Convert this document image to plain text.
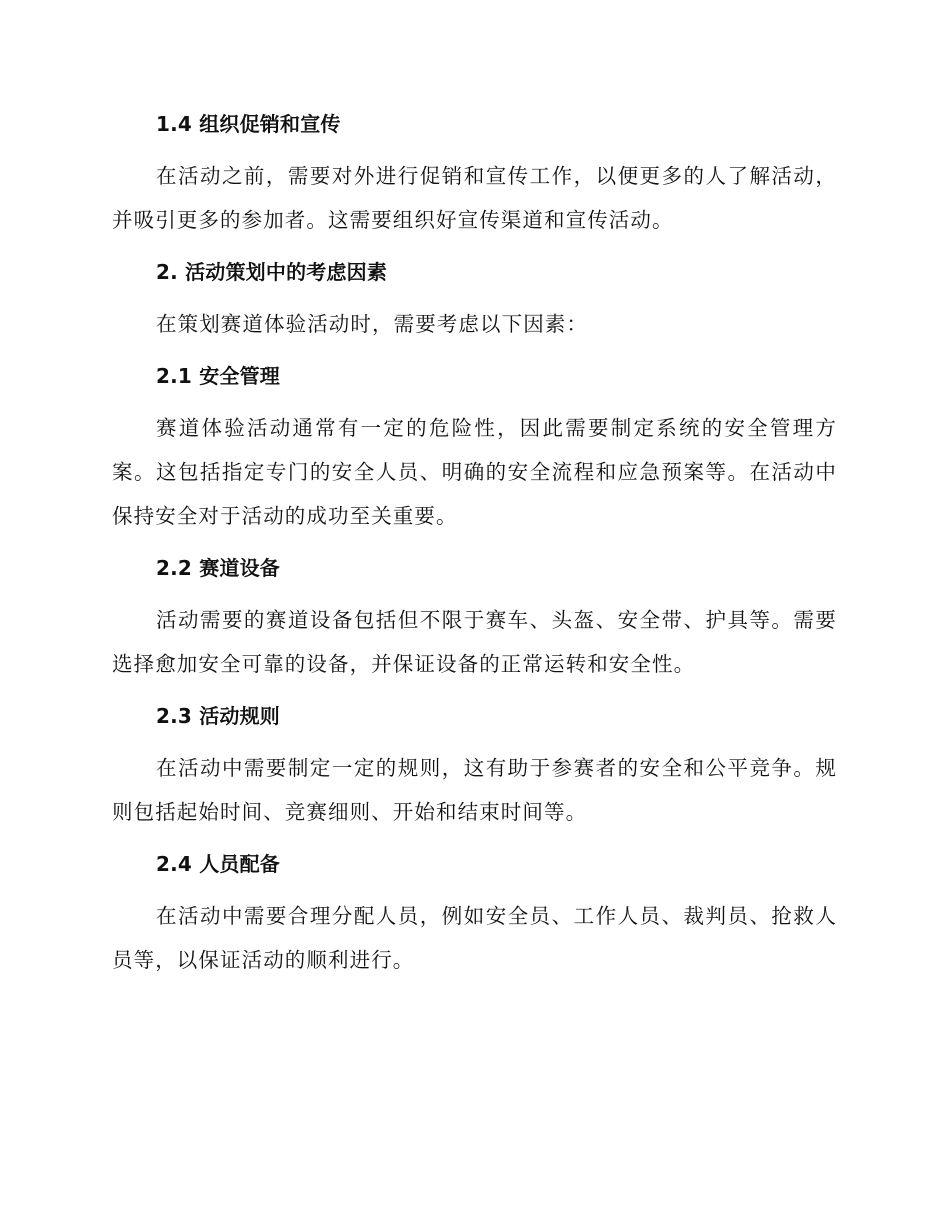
1.4 组织促销和宣传

在活动之前，需要对外进行促销和宣传工作，以便更多的人了解活动，并吸引更多的参加者。这需要组织好宣传渠道和宣传活动。

2. 活动策划中的考虑因素

在策划赛道体验活动时，需要考虑以下因素：

2.1 安全管理

赛道体验活动通常有一定的危险性，因此需要制定系统的安全管理方案。这包括指定专门的安全人员、明确的安全流程和应急预案等。在活动中保持安全对于活动的成功至关重要。

2.2 赛道设备

活动需要的赛道设备包括但不限于赛车、头盔、安全带、护具等。需要选择愈加安全可靠的设备，并保证设备的正常运转和安全性。

2.3 活动规则

在活动中需要制定一定的规则，这有助于参赛者的安全和公平竞争。规则包括起始时间、竞赛细则、开始和结束时间等。

2.4 人员配备

在活动中需要合理分配人员，例如安全员、工作人员、裁判员、抢救人员等，以保证活动的顺利进行。
